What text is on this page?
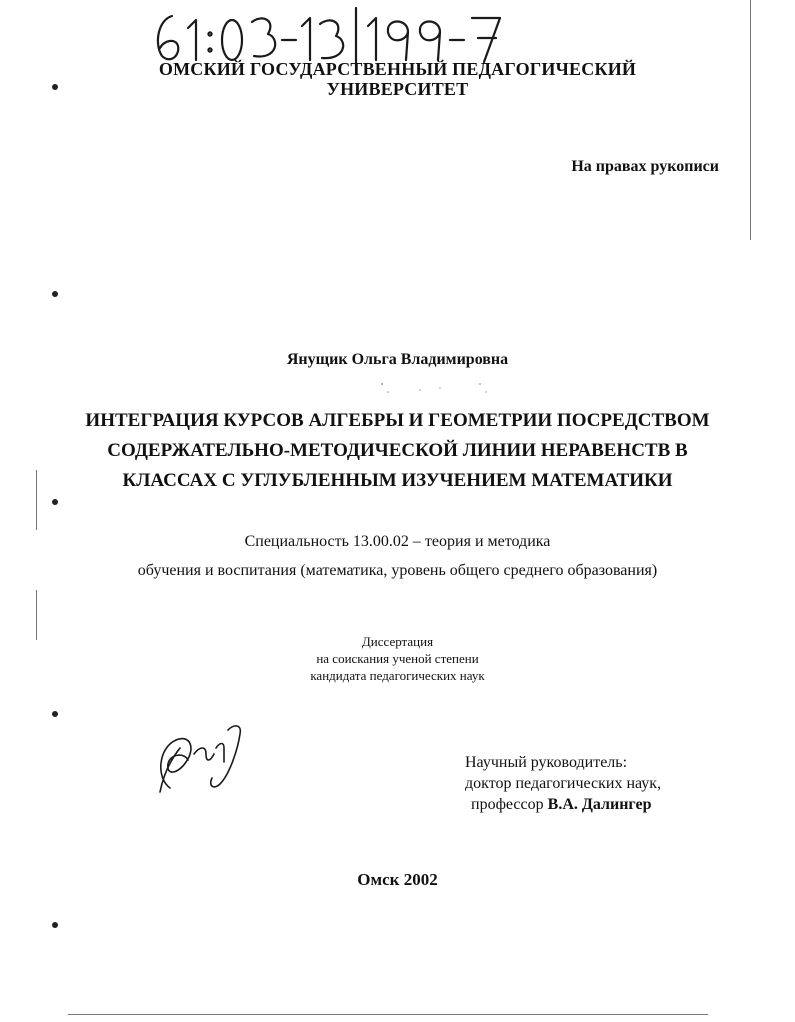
ОМСКИЙ ГОСУДАРСТВЕННЫЙ ПЕДАГОГИЧЕСКИЙ
УНИВЕРСИТЕТ
На правах рукописи
Янущик Ольга Владимировна
ИНТЕГРАЦИЯ КУРСОВ АЛГЕБРЫ И ГЕОМЕТРИИ ПОСРЕДСТВОМ
СОДЕРЖАТЕЛЬНО-МЕТОДИЧЕСКОЙ ЛИНИИ НЕРАВЕНСТВ В
КЛАССАХ С УГЛУБЛЕННЫМ ИЗУЧЕНИЕМ МАТЕМАТИКИ
Специальность 13.00.02 – теория и методика
обучения и воспитания (математика, уровень общего среднего образования)
Диссертация
на соискания ученой степени
кандидата педагогических наук
Научный руководитель:
доктор педагогических наук,
профессор В.А. Далингер
Омск 2002
